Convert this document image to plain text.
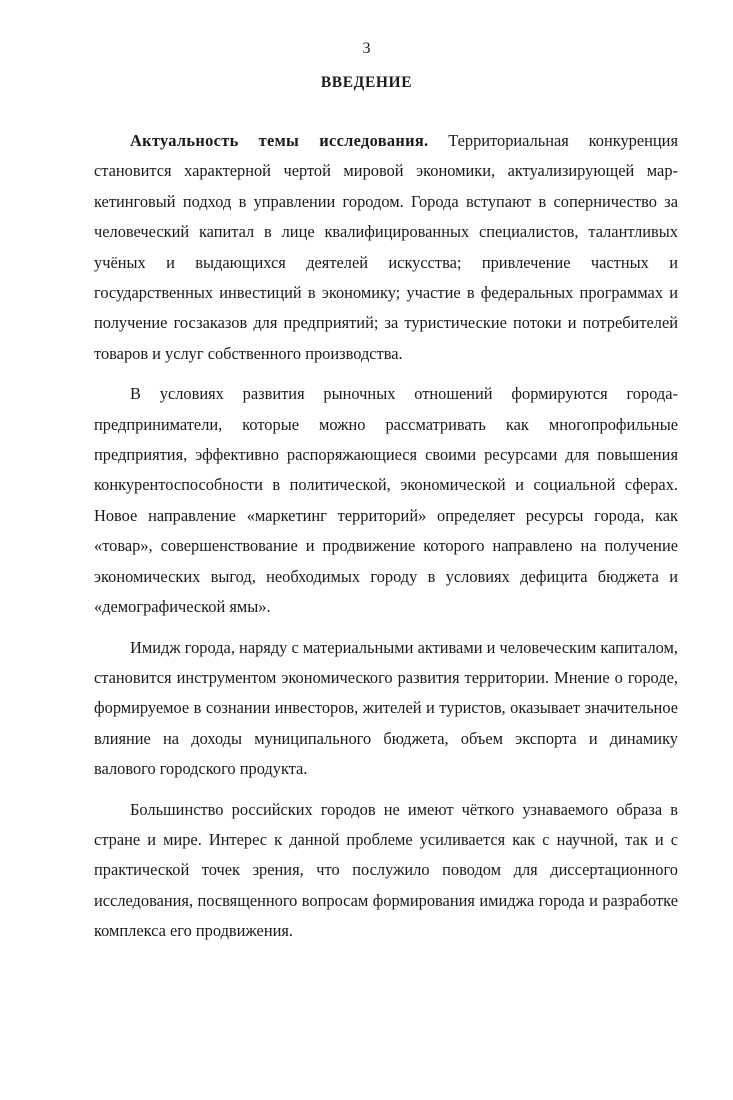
3

ВВЕДЕНИЕ

Актуальность темы исследования. Территориальная конкуренция становится характерной чертой мировой экономики, актуализирующей маркетинговый подход в управлении городом. Города вступают в соперничество за человеческий капитал в лице квалифицированных специалистов, талантливых учёных и выдающихся деятелей искусства; привлечение частных и государственных инвестиций в экономику; участие в федеральных программах и получение госзаказов для предприятий; за туристические потоки и потребителей товаров и услуг собственного производства.

В условиях развития рыночных отношений формируются города-предприниматели, которые можно рассматривать как многопрофильные предприятия, эффективно распоряжающиеся своими ресурсами для повышения конкурентоспособности в политической, экономической и социальной сферах. Новое направление «маркетинг территорий» определяет ресурсы города, как «товар», совершенствование и продвижение которого направлено на получение экономических выгод, необходимых городу в условиях дефицита бюджета и «демографической ямы».

Имидж города, наряду с материальными активами и человеческим капиталом, становится инструментом экономического развития территории. Мнение о городе, формируемое в сознании инвесторов, жителей и туристов, оказывает значительное влияние на доходы муниципального бюджета, объем экспорта и динамику валового городского продукта.

Большинство российских городов не имеют чёткого узнаваемого образа в стране и мире. Интерес к данной проблеме усиливается как с научной, так и с практической точек зрения, что послужило поводом для диссертационного исследования, посвященного вопросам формирования имиджа города и разработке комплекса его продвижения.
